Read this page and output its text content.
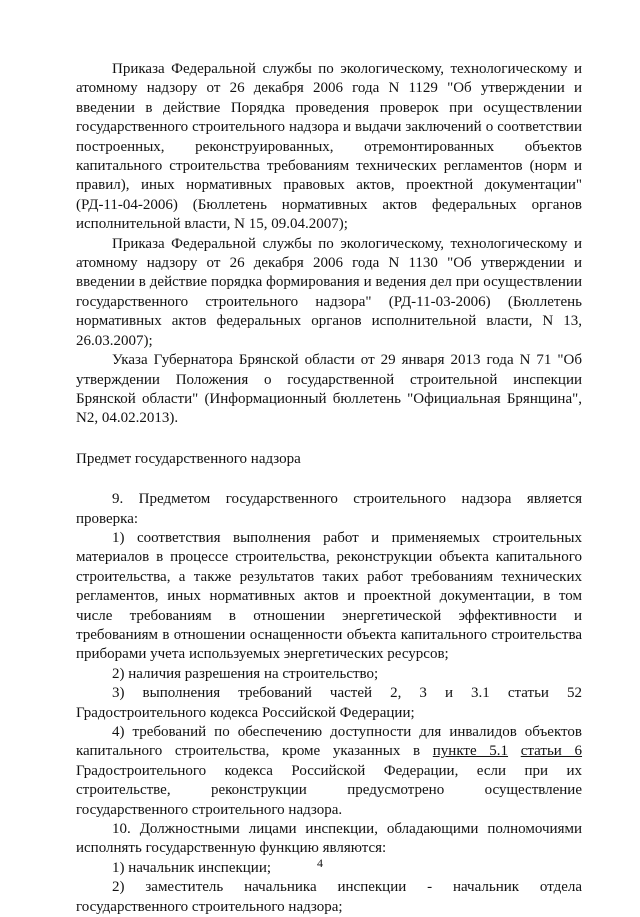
Приказа Федеральной службы по экологическому, технологическому и атомному надзору от 26 декабря 2006 года N 1129 "Об утверждении и введении в действие Порядка проведения проверок при осуществлении государственного строительного надзора и выдачи заключений о соответствии построенных, реконструированных, отремонтированных объектов капитального строительства требованиям технических регламентов (норм и правил), иных нормативных правовых актов, проектной документации" (РД-11-04-2006) (Бюллетень нормативных актов федеральных органов исполнительной власти, N 15, 09.04.2007);

Приказа Федеральной службы по экологическому, технологическому и атомному надзору от 26 декабря 2006 года N 1130 "Об утверждении и введении в действие порядка формирования и ведения дел при осуществлении государственного строительного надзора" (РД-11-03-2006) (Бюллетень нормативных актов федеральных органов исполнительной власти, N 13, 26.03.2007);

Указа Губернатора Брянской области от 29 января 2013 года N 71 "Об утверждении Положения о государственной строительной инспекции Брянской области" (Информационный бюллетень "Официальная Брянщина", N2, 04.02.2013).

Предмет государственного надзора

9. Предметом государственного строительного надзора является проверка:

1) соответствия выполнения работ и применяемых строительных материалов в процессе строительства, реконструкции объекта капитального строительства, а также результатов таких работ требованиям технических регламентов, иных нормативных актов и проектной документации, в том числе требованиям в отношении энергетической эффективности и требованиям в отношении оснащенности объекта капитального строительства приборами учета используемых энергетических ресурсов;

2) наличия разрешения на строительство;

3) выполнения требований частей 2, 3 и 3.1 статьи 52 Градостроительного кодекса Российской Федерации;

4) требований по обеспечению доступности для инвалидов объектов капитального строительства, кроме указанных в пункте 5.1 статьи 6 Градостроительного кодекса Российской Федерации, если при их строительстве, реконструкции предусмотрено осуществление государственного строительного надзора.

10. Должностными лицами инспекции, обладающими полномочиями исполнять государственную функцию являются:

1) начальник инспекции;

2) заместитель начальника инспекции - начальник отдела государственного строительного надзора;

4
